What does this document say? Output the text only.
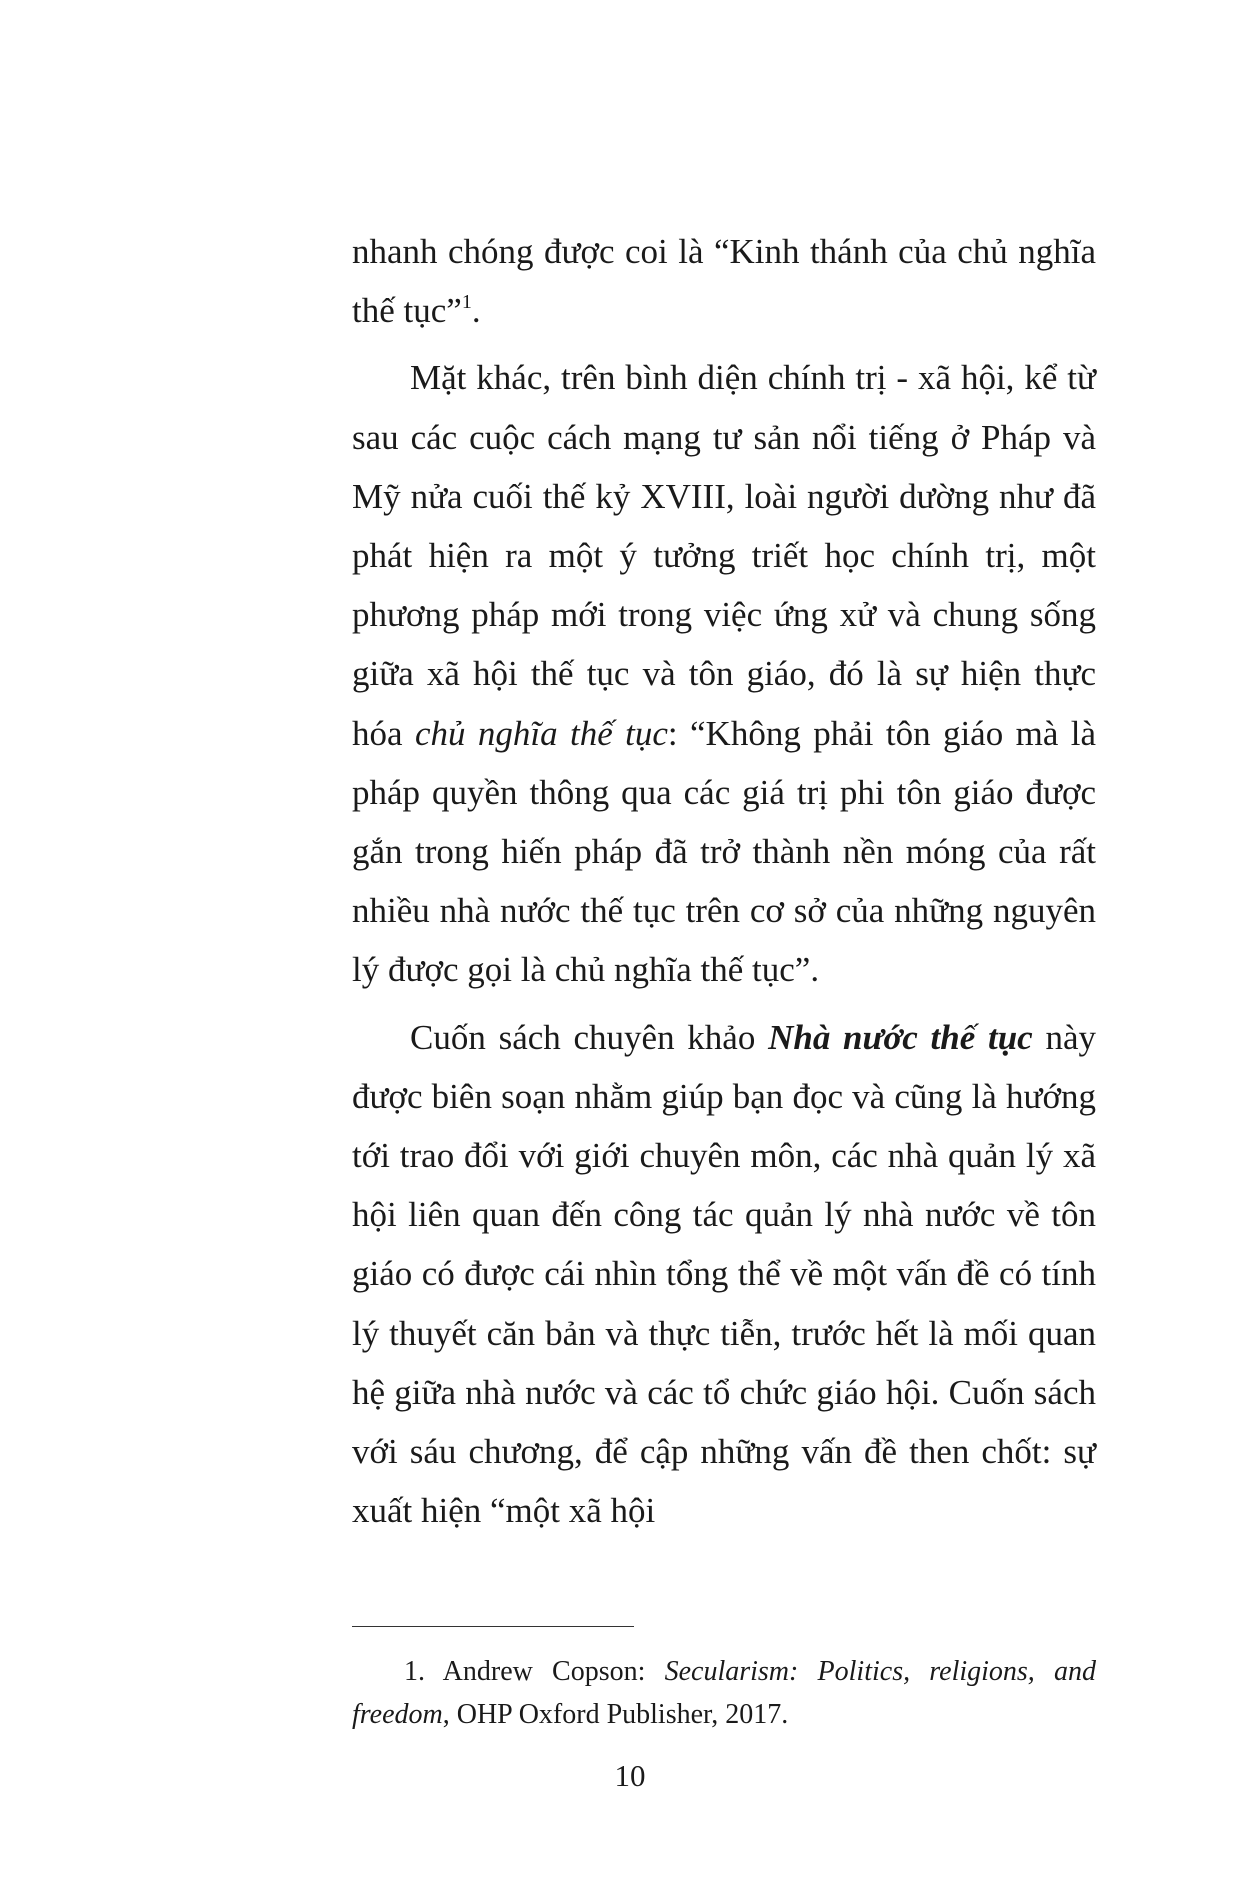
nhanh chóng được coi là “Kinh thánh của chủ nghĩa thế tục”$^1$.

Mặt khác, trên bình diện chính trị - xã hội, kể từ sau các cuộc cách mạng tư sản nổi tiếng ở Pháp và Mỹ nửa cuối thế kỷ XVIII, loài người dường như đã phát hiện ra một ý tưởng triết học chính trị, một phương pháp mới trong việc ứng xử và chung sống giữa xã hội thế tục và tôn giáo, đó là sự hiện thực hóa chủ nghĩa thế tục: “Không phải tôn giáo mà là pháp quyền thông qua các giá trị phi tôn giáo được gắn trong hiến pháp đã trở thành nền móng của rất nhiều nhà nước thế tục trên cơ sở của những nguyên lý được gọi là chủ nghĩa thế tục”.

Cuốn sách chuyên khảo Nhà nước thế tục này được biên soạn nhằm giúp bạn đọc và cũng là hướng tới trao đổi với giới chuyên môn, các nhà quản lý xã hội liên quan đến công tác quản lý nhà nước về tôn giáo có được cái nhìn tổng thể về một vấn đề có tính lý thuyết căn bản và thực tiễn, trước hết là mối quan hệ giữa nhà nước và các tổ chức giáo hội. Cuốn sách với sáu chương, để cập những vấn đề then chốt: sự xuất hiện “một xã hội

1. Andrew Copson: Secularism: Politics, religions, and freedom, OHP Oxford Publisher, 2017.
10
